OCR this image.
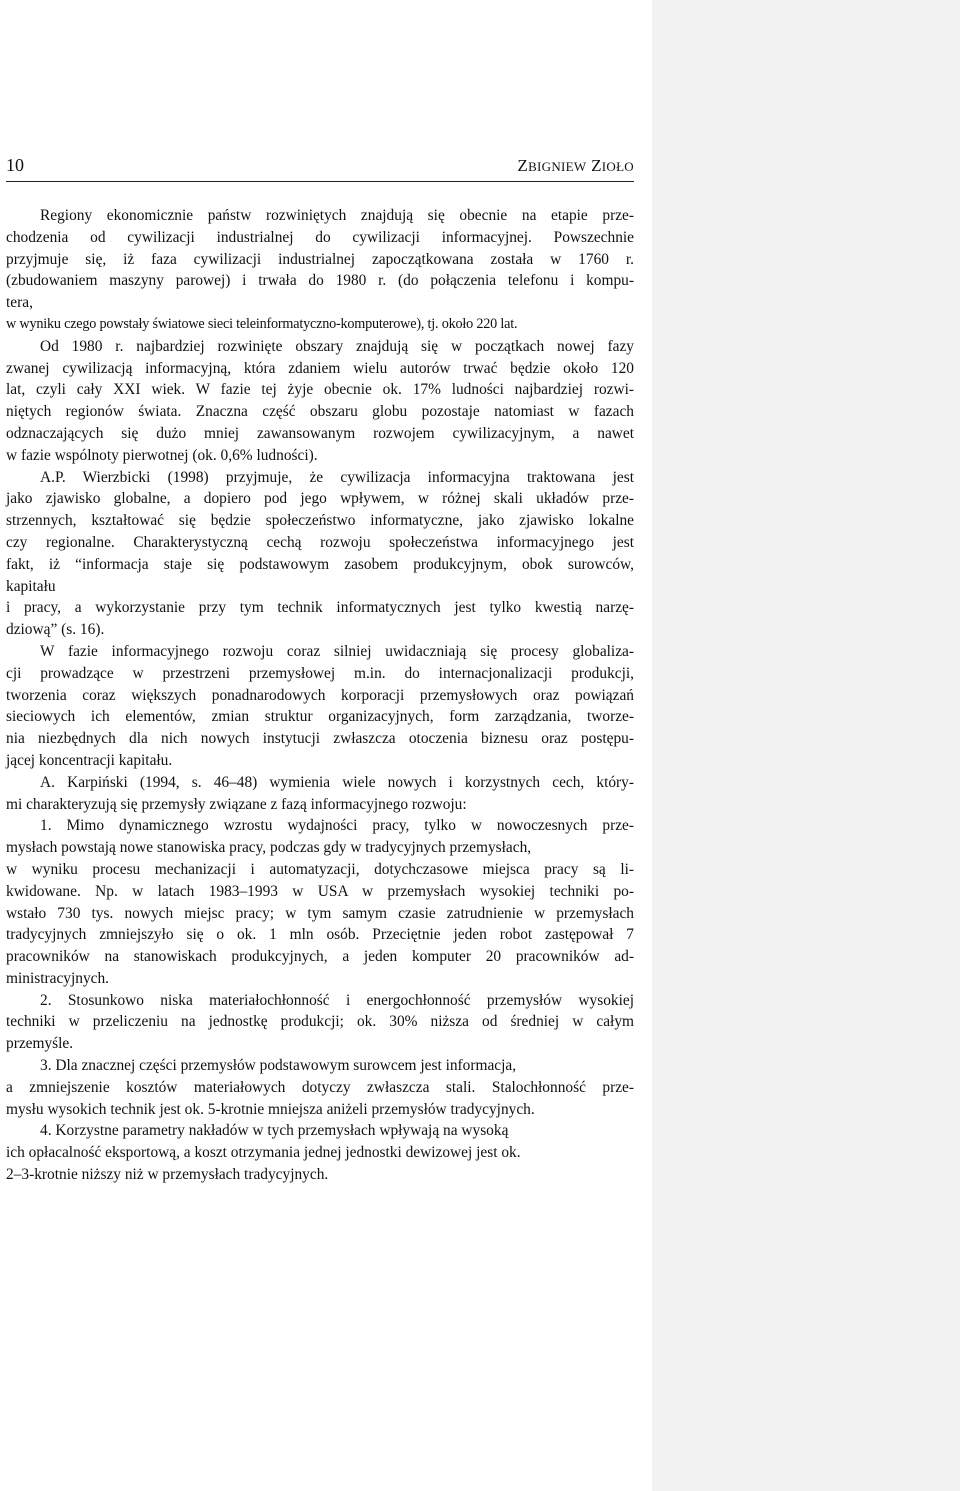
10	ZBIGNIEW ZIOŁO
Regiony ekonomicznie państw rozwiniętych znajdują się obecnie na etapie prze-
chodzenia od cywilizacji industrialnej do cywilizacji informacyjnej. Powszechnie
przyjmuje się, iż faza cywilizacji industrialnej zapoczątkowana została w 1760 r.
(zbudowaniem maszyny parowej) i trwała do 1980 r. (do połączenia telefonu i kompu-
tera,
w wyniku czego powstały światowe sieci teleinformatyczno-komputerowe), tj. około 220 lat.
Od 1980 r. najbardziej rozwinięte obszary znajdują się w początkach nowej fazy
zwanej cywilizacją informacyjną, która zdaniem wielu autorów trwać będzie około 120
lat, czyli cały XXI wiek. W fazie tej żyje obecnie ok. 17% ludności najbardziej rozwi-
niętych regionów świata. Znaczna część obszaru globu pozostaje natomiast w fazach
odznaczających się dużo mniej zawansowanym rozwojem cywilizacyjnym, a nawet
w fazie wspólnoty pierwotnej (ok. 0,6% ludności).
A.P. Wierzbicki (1998) przyjmuje, że cywilizacja informacyjna traktowana jest
jako zjawisko globalne, a dopiero pod jego wpływem, w różnej skali układów prze-
strzennych, kształtować się będzie społeczeństwo informatyczne, jako zjawisko lokalne
czy regionalne. Charakterystyczną cechą rozwoju społeczeństwa informacyjnego jest
fakt, iż “informacja staje się podstawowym zasobem produkcyjnym, obok surowców,
kapitału
i pracy, a wykorzystanie przy tym technik informatycznych jest tylko kwestią narzę-
dziową” (s. 16).
W fazie informacyjnego rozwoju coraz silniej uwidaczniają się procesy globaliza-
cji prowadzące w przestrzeni przemysłowej m.in. do internacjonalizacji produkcji,
tworzenia coraz większych ponadnarodowych korporacji przemysłowych oraz powiązań
sieciowych ich elementów, zmian struktur organizacyjnych, form zarządzania, tworze-
nia niezbędnych dla nich nowych instytucji zwłaszcza otoczenia biznesu oraz postępu-
jącej koncentracji kapitału.
A. Karpiński (1994, s. 46–48) wymienia wiele nowych i korzystnych cech, który-
mi charakteryzują się przemysły związane z fazą informacyjnego rozwoju:
1. Mimo dynamicznego wzrostu wydajności pracy, tylko w nowoczesnych prze-
mysłach powstają nowe stanowiska pracy, podczas gdy w tradycyjnych przemysłach,
w wyniku procesu mechanizacji i automatyzacji, dotychczasowe miejsca pracy są li-
kwidowane. Np. w latach 1983–1993 w USA w przemysłach wysokiej techniki po-
wstało 730 tys. nowych miejsc pracy; w tym samym czasie zatrudnienie w przemysłach
tradycyjnych zmniejszyło się o ok. 1 mln osób. Przeciętnie jeden robot zastępował 7
pracowników na stanowiskach produkcyjnych, a jeden komputer 20 pracowników ad-
ministracyjnych.
2. Stosunkowo niska materiałochłonność i energochłonność przemysłów wysokiej
techniki w przeliczeniu na jednostkę produkcji; ok. 30% niższa od średniej w całym
przemyśle.
3. Dla znacznej części przemysłów podstawowym surowcem jest informacja,
a zmniejszenie kosztów materiałowych dotyczy zwłaszcza stali. Stalochłonność prze-
mysłu wysokich technik jest ok. 5-krotnie mniejsza aniżeli przemysłów tradycyjnych.
4. Korzystne parametry nakładów w tych przemysłach wpływają na wysoką
ich opłacalność eksportową, a koszt otrzymania jednej jednostki dewizowej jest ok.
2–3-krotnie niższy niż w przemysłach tradycyjnych.
